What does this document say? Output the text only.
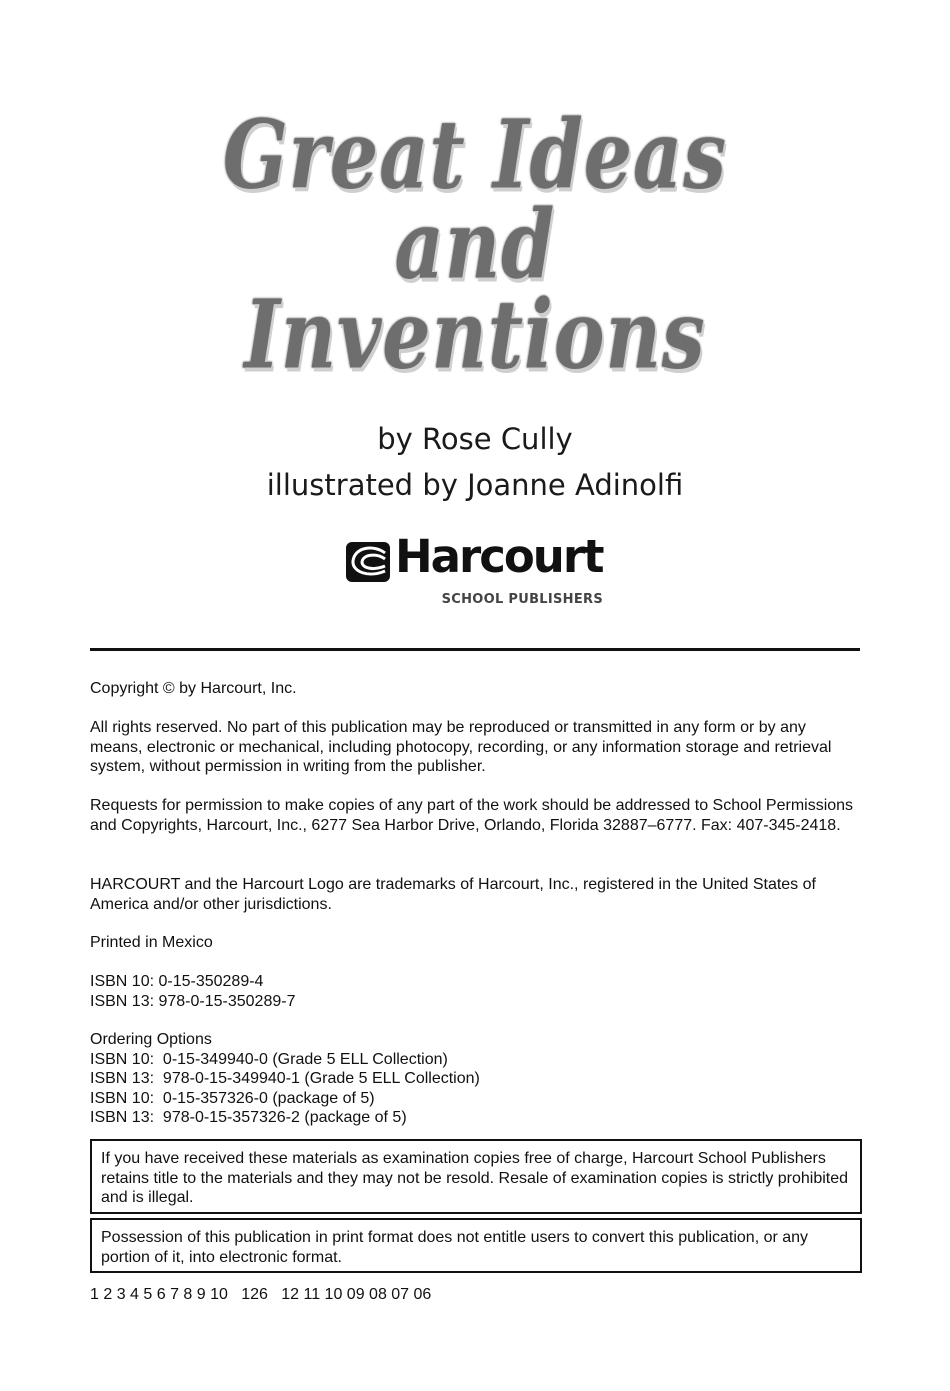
Great Ideas
and
Inventions
by Rose Cully
illustrated by Joanne Adinolfi
Harcourt
SCHOOL PUBLISHERS

Copyright © by Harcourt, Inc.

All rights reserved. No part of this publication may be reproduced or transmitted in any form or by any means, electronic or mechanical, including photocopy, recording, or any information storage and retrieval system, without permission in writing from the publisher.

Requests for permission to make copies of any part of the work should be addressed to School Permissions and Copyrights, Harcourt, Inc., 6277 Sea Harbor Drive, Orlando, Florida 32887–6777. Fax: 407-345-2418.

HARCOURT and the Harcourt Logo are trademarks of Harcourt, Inc., registered in the United States of America and/or other jurisdictions.

Printed in Mexico

ISBN 10: 0-15-350289-4

ISBN 13: 978-0-15-350289-7

Ordering Options

ISBN 10:  0-15-349940-0 (Grade 5 ELL Collection)

ISBN 13:  978-0-15-349940-1 (Grade 5 ELL Collection)

ISBN 10:  0-15-357326-0 (package of 5)

ISBN 13:  978-0-15-357326-2 (package of 5)

If you have received these materials as examination copies free of charge, Harcourt School Publishers retains title to the materials and they may not be resold. Resale of examination copies is strictly prohibited and is illegal.

Possession of this publication in print format does not entitle users to convert this publication, or any portion of it, into electronic format.

1 2 3 4 5 6 7 8 9 10   126   12 11 10 09 08 07 06
